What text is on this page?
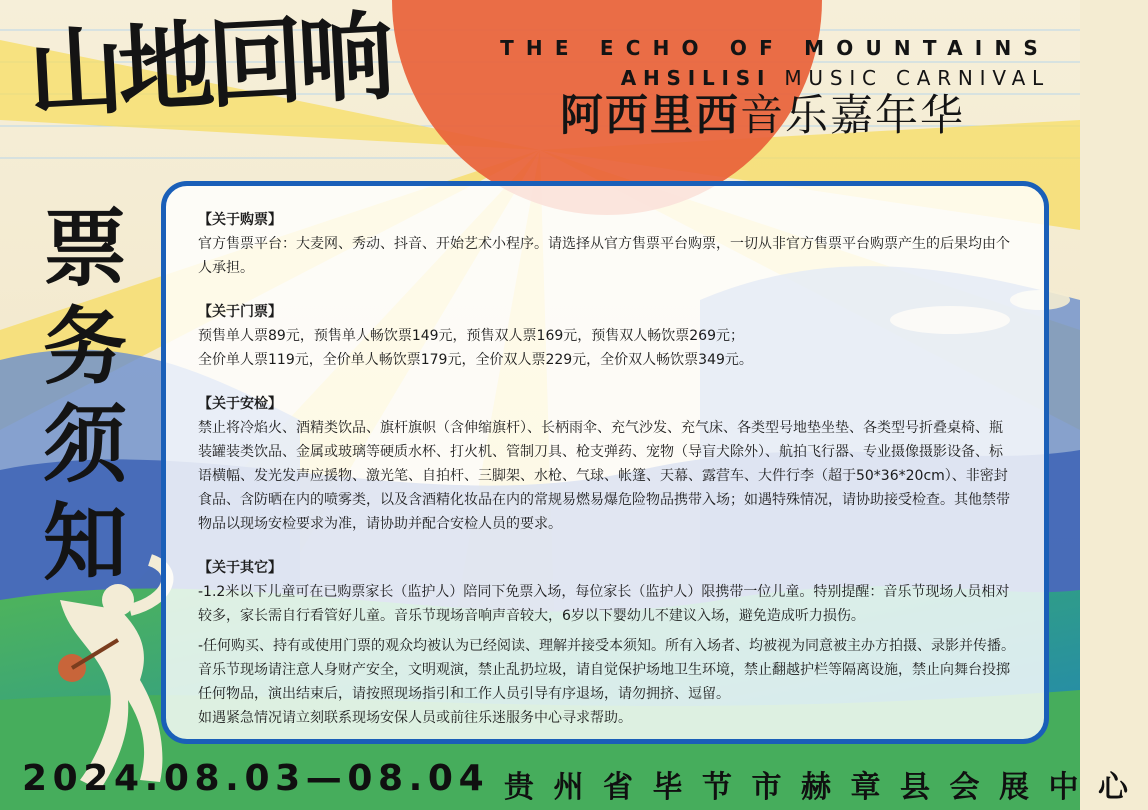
山地回响	THE ECHO OF MOUNTAINS
AHSILISI MUSIC CARNIVAL
阿西里西音乐嘉年华
票
务
须
知
【关于购票】

官方售票平台：大麦网、秀动、抖音、开始艺术小程序。请选择从官方售票平台购票，一切从非官方售票平台购票产生的后果均由个人承担。

【关于门票】

预售单人票89元，预售单人畅饮票149元，预售双人票169元，预售双人畅饮票269元；

全价单人票119元，全价单人畅饮票179元，全价双人票229元，全价双人畅饮票349元。

【关于安检】

禁止将冷焰火、酒精类饮品、旗杆旗帜（含伸缩旗杆）、长柄雨伞、充气沙发、充气床、各类型号地垫坐垫、各类型号折叠桌椅、瓶装罐装类饮品、金属或玻璃等硬质水杯、打火机、管制刀具、枪支弹药、宠物（导盲犬除外）、航拍飞行器、专业摄像摄影设备、标语横幅、发光发声应援物、激光笔、自拍杆、三脚架、水枪、气球、帐篷、天幕、露营车、大件行李（超于50*36*20cm）、非密封食品、含防晒在内的喷雾类，以及含酒精化妆品在内的常规易燃易爆危险物品携带入场；如遇特殊情况，请协助接受检查。其他禁带物品以现场安检要求为准，请协助并配合安检人员的要求。

【关于其它】

-1.2米以下儿童可在已购票家长（监护人）陪同下免票入场，每位家长（监护人）限携带一位儿童。特别提醒：音乐节现场人员相对较多，家长需自行看管好儿童。音乐节现场音响声音较大，6岁以下婴幼儿不建议入场，避免造成听力损伤。

-任何购买、持有或使用门票的观众均被认为已经阅读、理解并接受本须知。所有入场者、均被视为同意被主办方拍摄、录影并传播。音乐节现场请注意人身财产安全，文明观演，禁止乱扔垃圾，请自觉保护场地卫生环境，禁止翻越护栏等隔离设施，禁止向舞台投掷任何物品，演出结束后，请按照现场指引和工作人员引导有序退场，请勿拥挤、逗留。

如遇紧急情况请立刻联系现场安保人员或前往乐迷服务中心寻求帮助。

2024.08.03—08.04 贵州省毕节市赫章县会展中心
